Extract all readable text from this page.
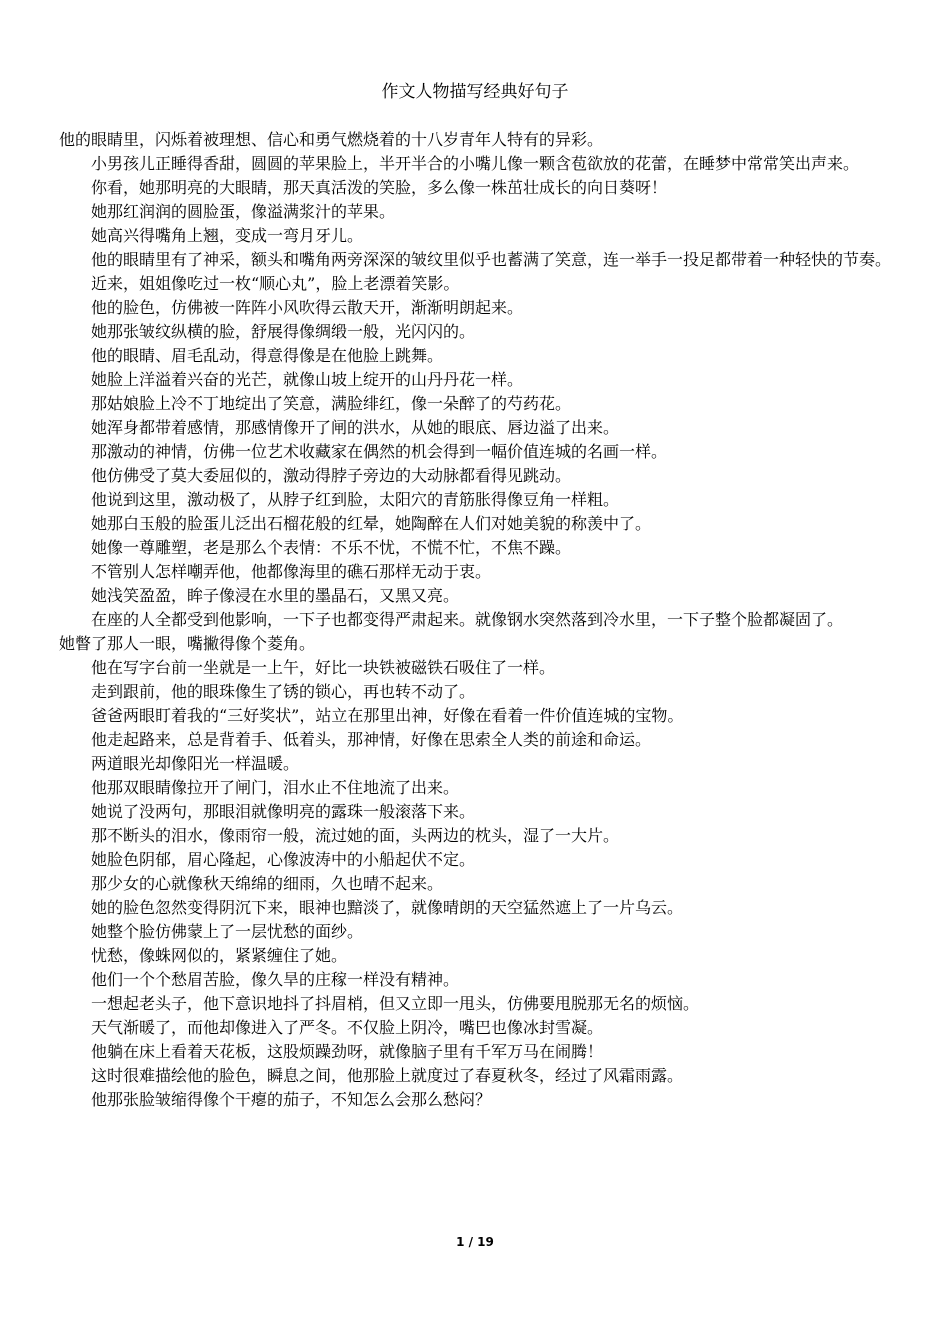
作文人物描写经典好句子

他的眼睛里，闪烁着被理想、信心和勇气燃烧着的十八岁青年人特有的异彩。

小男孩儿正睡得香甜，圆圆的苹果脸上，半开半合的小嘴儿像一颗含苞欲放的花蕾，在睡梦中常常笑出声来。

你看，她那明亮的大眼睛，那天真活泼的笑脸，多么像一株茁壮成长的向日葵呀！

她那红润润的圆脸蛋，像溢满浆汁的苹果。

她高兴得嘴角上翘，变成一弯月牙儿。

他的眼睛里有了神采，额头和嘴角两旁深深的皱纹里似乎也蓄满了笑意，连一举手一投足都带着一种轻快的节奏。

近来，姐姐像吃过一枚“顺心丸”，脸上老漂着笑影。

他的脸色，仿佛被一阵阵小风吹得云散天开，渐渐明朗起来。

她那张皱纹纵横的脸，舒展得像绸缎一般，光闪闪的。

他的眼睛、眉毛乱动，得意得像是在他脸上跳舞。

她脸上洋溢着兴奋的光芒，就像山坡上绽开的山丹丹花一样。

那姑娘脸上冷不丁地绽出了笑意，满脸绯红，像一朵醉了的芍药花。

她浑身都带着感情，那感情像开了闸的洪水，从她的眼底、唇边溢了出来。

那激动的神情，仿佛一位艺术收藏家在偶然的机会得到一幅价值连城的名画一样。

他仿佛受了莫大委屈似的，激动得脖子旁边的大动脉都看得见跳动。

他说到这里，激动极了，从脖子红到脸，太阳穴的青筋胀得像豆角一样粗。

她那白玉般的脸蛋儿泛出石榴花般的红晕，她陶醉在人们对她美貌的称羡中了。

她像一尊雕塑，老是那么个表情：不乐不忧，不慌不忙，不焦不躁。

不管别人怎样嘲弄他，他都像海里的礁石那样无动于衷。

她浅笑盈盈，眸子像浸在水里的墨晶石，又黑又亮。

在座的人全都受到他影响，一下子也都变得严肃起来。就像钢水突然落到冷水里，一下子整个脸都凝固了。

她瞥了那人一眼，嘴撇得像个菱角。

他在写字台前一坐就是一上午，好比一块铁被磁铁石吸住了一样。

走到跟前，他的眼珠像生了锈的锁心，再也转不动了。

爸爸两眼盯着我的“三好奖状”，站立在那里出神，好像在看着一件价值连城的宝物。

他走起路来，总是背着手、低着头，那神情，好像在思索全人类的前途和命运。

两道眼光却像阳光一样温暖。

他那双眼睛像拉开了闸门，泪水止不住地流了出来。

她说了没两句，那眼泪就像明亮的露珠一般滚落下来。

那不断头的泪水，像雨帘一般，流过她的面，头两边的枕头，湿了一大片。

她脸色阴郁，眉心隆起，心像波涛中的小船起伏不定。

那少女的心就像秋天绵绵的细雨，久也晴不起来。

她的脸色忽然变得阴沉下来，眼神也黯淡了，就像晴朗的天空猛然遮上了一片乌云。

她整个脸仿佛蒙上了一层忧愁的面纱。

忧愁，像蛛网似的，紧紧缠住了她。

他们一个个愁眉苦脸，像久旱的庄稼一样没有精神。

一想起老头子，他下意识地抖了抖眉梢，但又立即一甩头，仿佛要甩脱那无名的烦恼。

天气渐暖了，而他却像进入了严冬。不仅脸上阴冷，嘴巴也像冰封雪凝。

他躺在床上看着天花板，这股烦躁劲呀，就像脑子里有千军万马在闹腾！

这时很难描绘他的脸色，瞬息之间，他那脸上就度过了春夏秋冬，经过了风霜雨露。

他那张脸皱缩得像个干瘪的茄子，不知怎么会那么愁闷？

1 / 19
